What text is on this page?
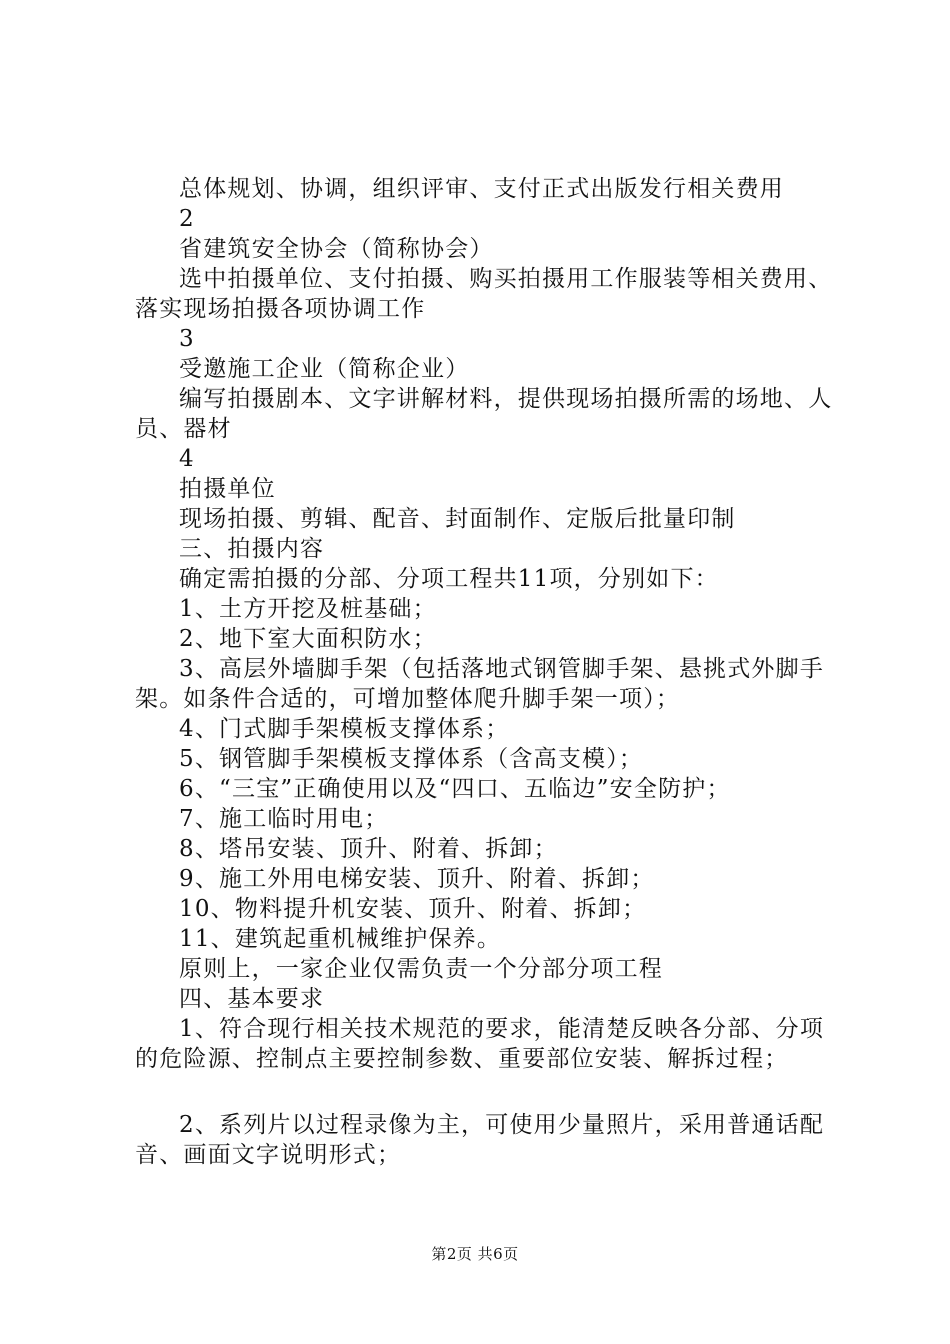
总体规划、协调，组织评审、支付正式出版发行相关费用

2

省建筑安全协会（简称协会）

选中拍摄单位、支付拍摄、购买拍摄用工作服装等相关费用、落实现场拍摄各项协调工作

3

受邀施工企业（简称企业）

编写拍摄剧本、文字讲解材料，提供现场拍摄所需的场地、人员、器材

4

拍摄单位

现场拍摄、剪辑、配音、封面制作、定版后批量印制

三、拍摄内容

确定需拍摄的分部、分项工程共11项，分别如下：

1、土方开挖及桩基础；

2、地下室大面积防水；

3、高层外墙脚手架（包括落地式钢管脚手架、悬挑式外脚手架。如条件合适的，可增加整体爬升脚手架一项）；

4、门式脚手架模板支撑体系；

5、钢管脚手架模板支撑体系（含高支模）；

6、“三宝”正确使用以及“四口、五临边”安全防护；

7、施工临时用电；

8、塔吊安装、顶升、附着、拆卸；

9、施工外用电梯安装、顶升、附着、拆卸；

10、物料提升机安装、顶升、附着、拆卸；

11、建筑起重机械维护保养。

原则上，一家企业仅需负责一个分部分项工程

四、基本要求

1、符合现行相关技术规范的要求，能清楚反映各分部、分项的危险源、控制点主要控制参数、重要部位安装、解拆过程；

2、系列片以过程录像为主，可使用少量照片，采用普通话配音、画面文字说明形式；

第2页 共6页
